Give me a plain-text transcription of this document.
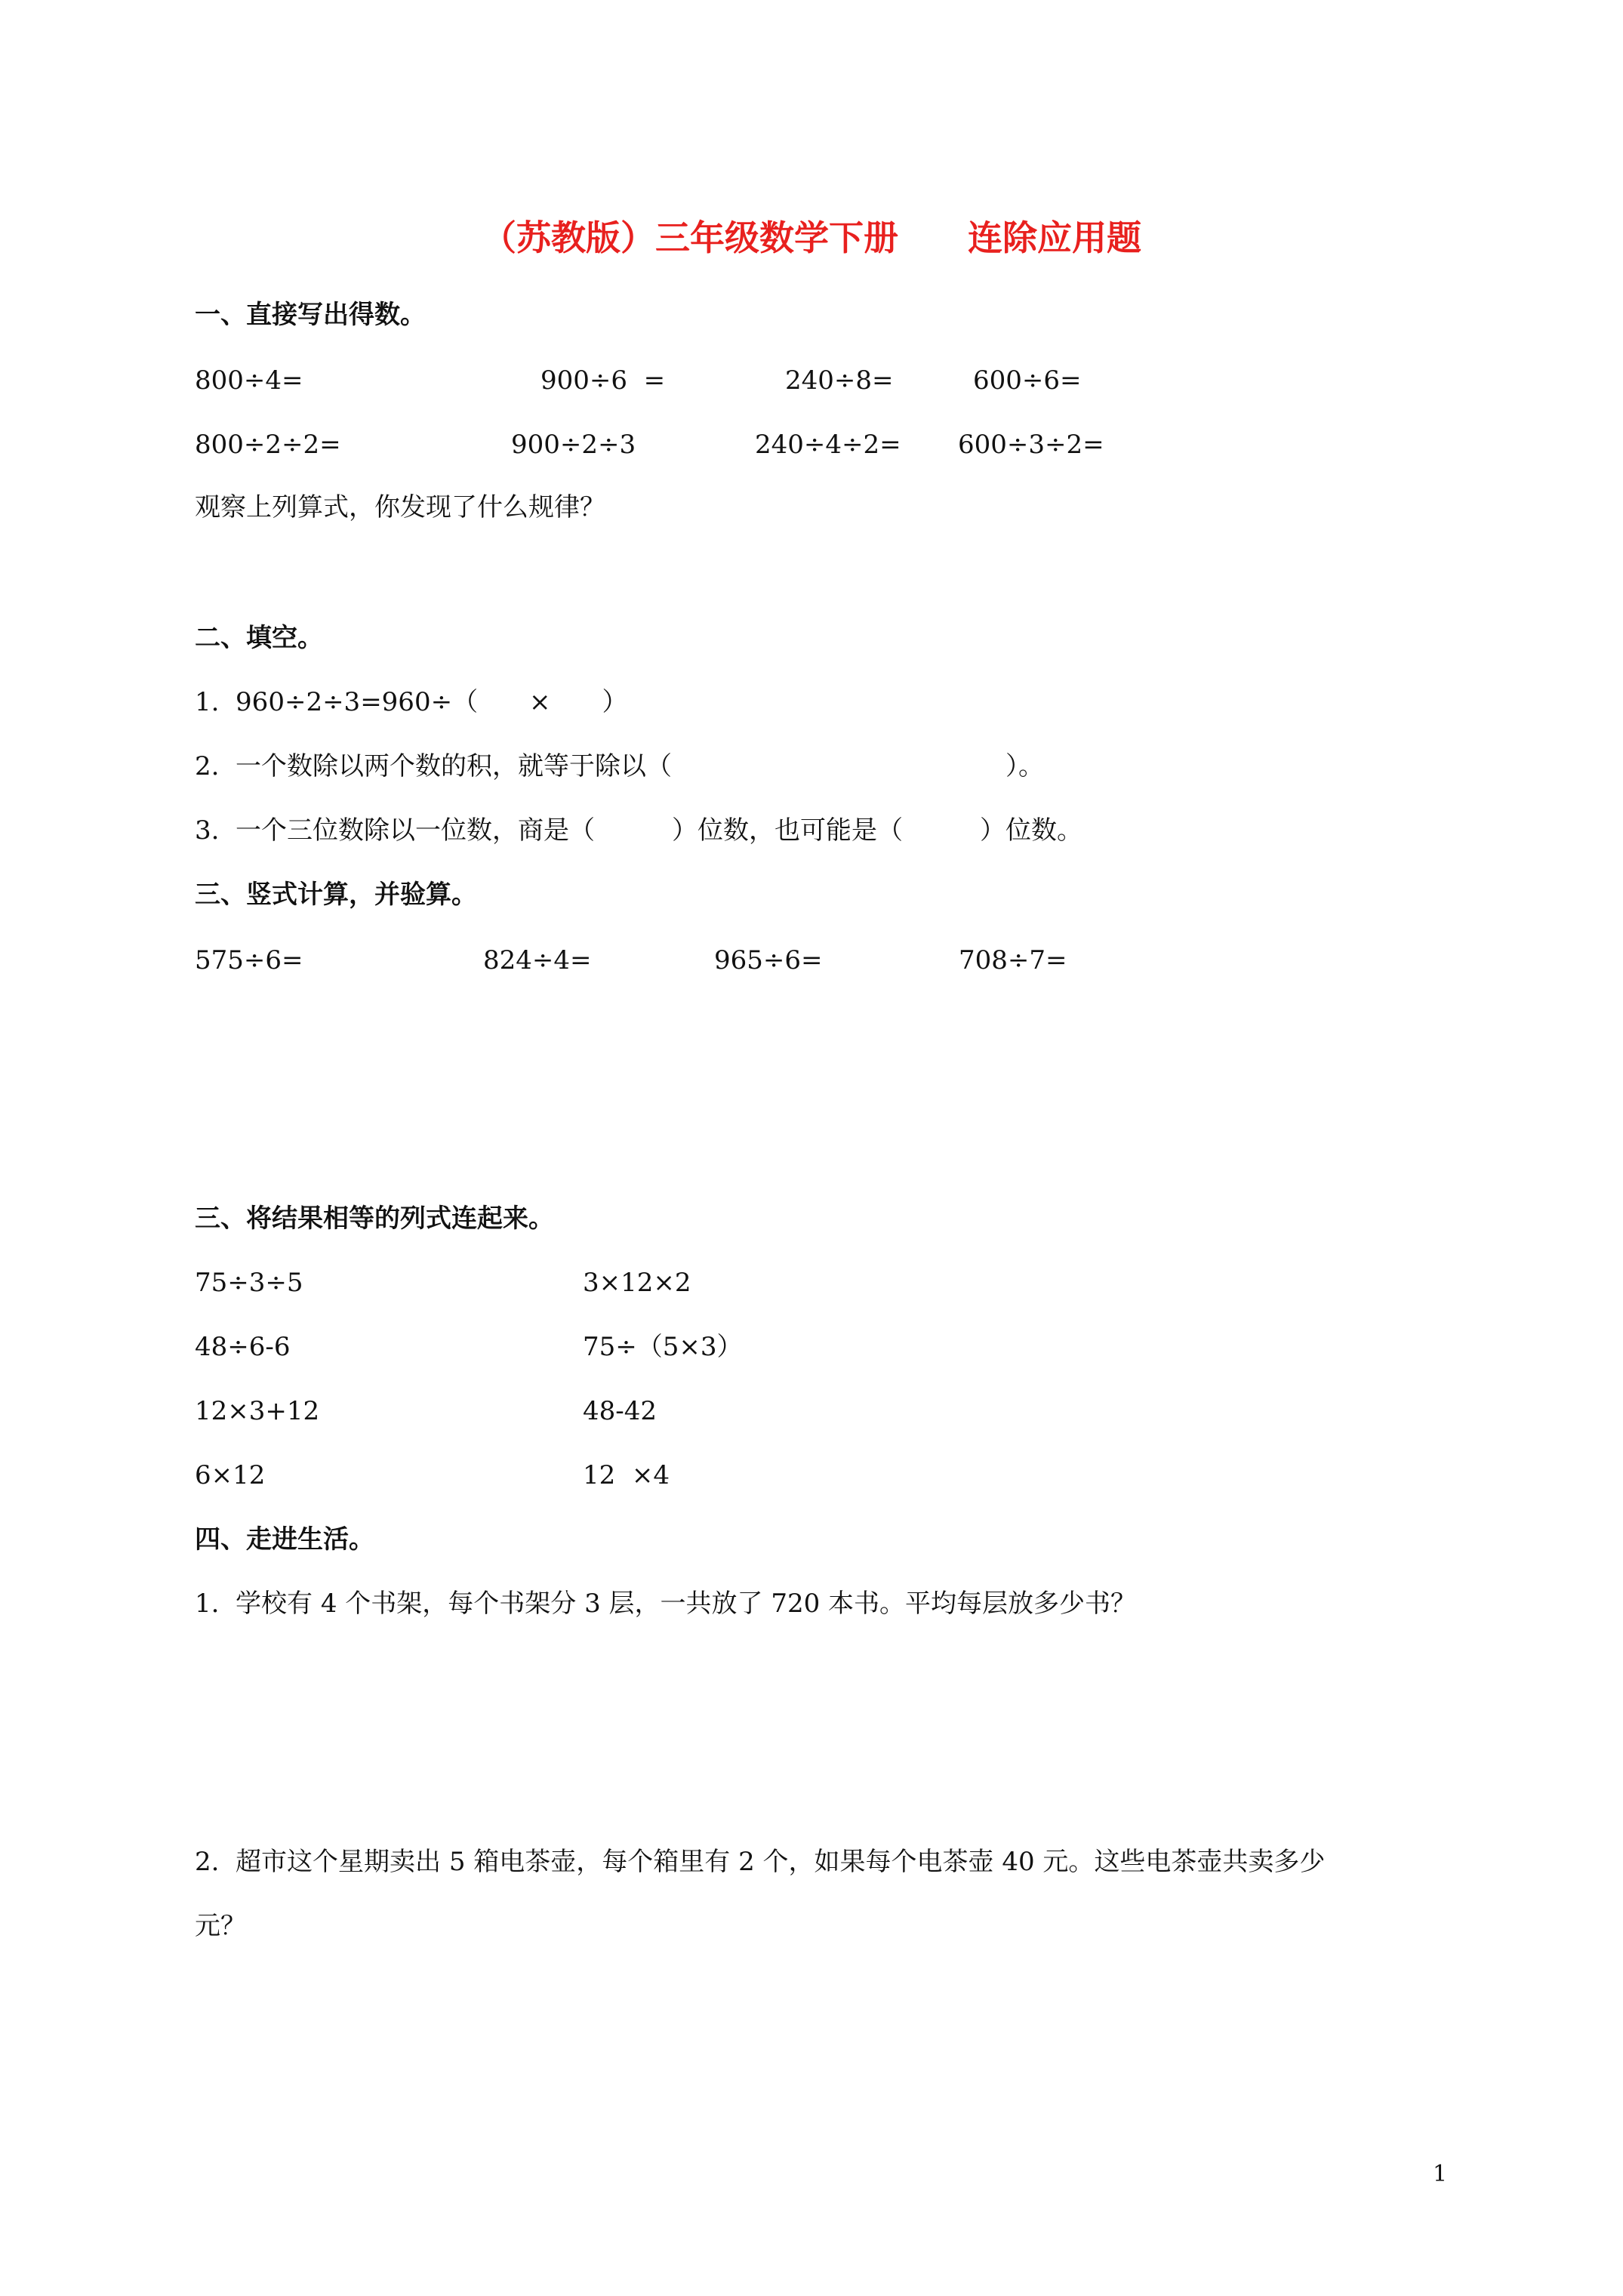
（苏教版）三年级数学下册　　连除应用题
一、直接写出得数。
800÷4=	900÷6  =	240÷8=	600÷6=
800÷2÷2=	900÷2÷3	240÷4÷2= 600÷3÷2=
观察上列算式，你发现了什么规律？
二、填空。
1.  960÷2÷3=960÷（　　×　　）
2.  一个数除以两个数的积，就等于除以（　　　　　　　　　　　　　）。
3.  一个三位数除以一位数，商是（　　　）位数，也可能是（　　　）位数。
三、竖式计算，并验算。
575÷6=	824÷4=	965÷6=	708÷7=
三、将结果相等的列式连起来。
75÷3÷5	3×12×2
48÷6-6	75÷（5×3）
12×3+12	48-42
6×12	12  ×4
四、走进生活。
1.  学校有 4 个书架，每个书架分 3 层，一共放了 720 本书。平均每层放多少书？
2.  超市这个星期卖出 5 箱电茶壶，每个箱里有 2 个，如果每个电茶壶 40 元。这些电茶壶共卖多少
元？
1
